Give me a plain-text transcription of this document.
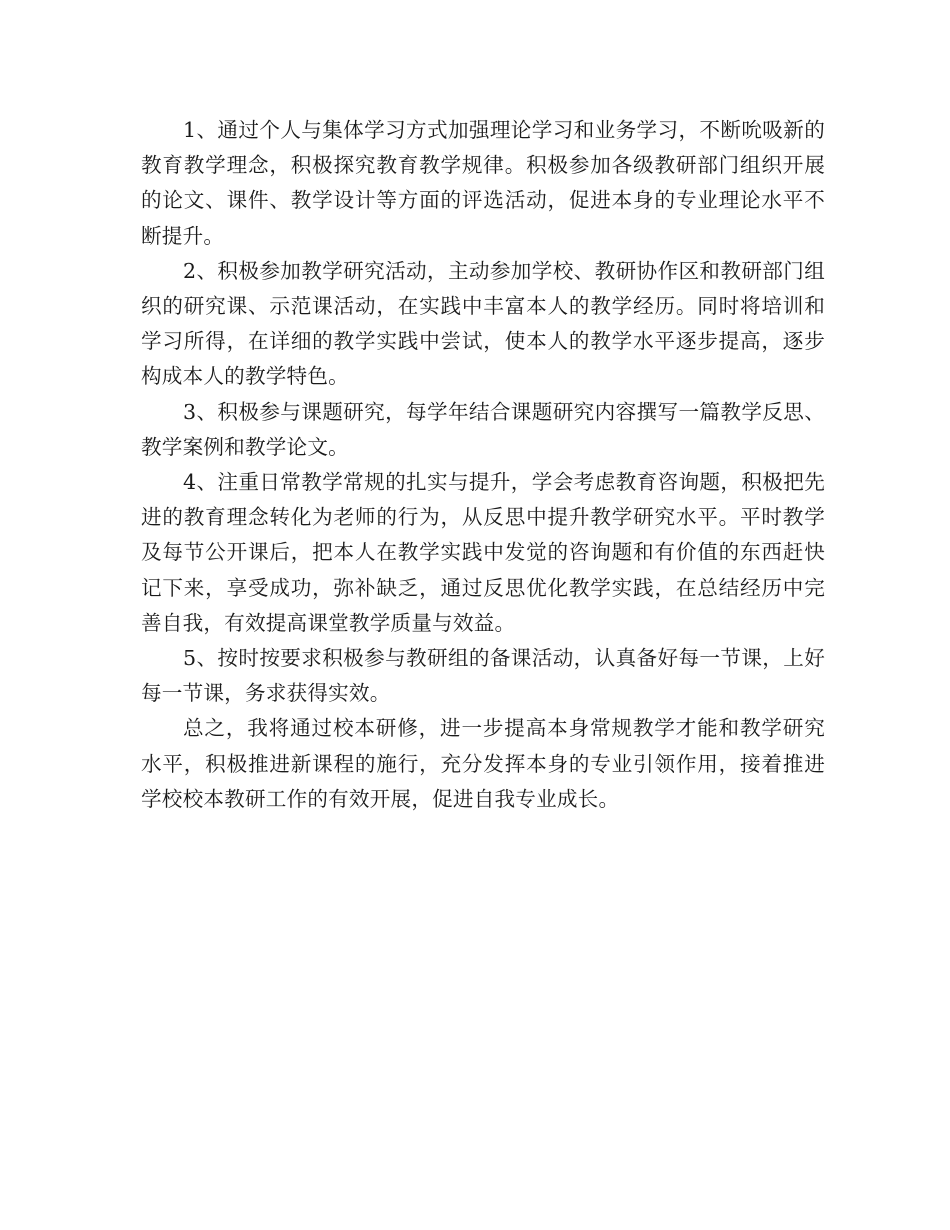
1、通过个人与集体学习方式加强理论学习和业务学习，不断吮吸新的教育教学理念，积极探究教育教学规律。积极参加各级教研部门组织开展的论文、课件、教学设计等方面的评选活动，促进本身的专业理论水平不断提升。

2、积极参加教学研究活动，主动参加学校、教研协作区和教研部门组织的研究课、示范课活动，在实践中丰富本人的教学经历。同时将培训和学习所得，在详细的教学实践中尝试，使本人的教学水平逐步提高，逐步构成本人的教学特色。

3、积极参与课题研究，每学年结合课题研究内容撰写一篇教学反思、教学案例和教学论文。

4、注重日常教学常规的扎实与提升，学会考虑教育咨询题，积极把先进的教育理念转化为老师的行为，从反思中提升教学研究水平。平时教学及每节公开课后，把本人在教学实践中发觉的咨询题和有价值的东西赶快记下来，享受成功，弥补缺乏，通过反思优化教学实践，在总结经历中完善自我，有效提高课堂教学质量与效益。

5、按时按要求积极参与教研组的备课活动，认真备好每一节课，上好每一节课，务求获得实效。

总之，我将通过校本研修，进一步提高本身常规教学才能和教学研究水平，积极推进新课程的施行，充分发挥本身的专业引领作用，接着推进学校校本教研工作的有效开展，促进自我专业成长。
